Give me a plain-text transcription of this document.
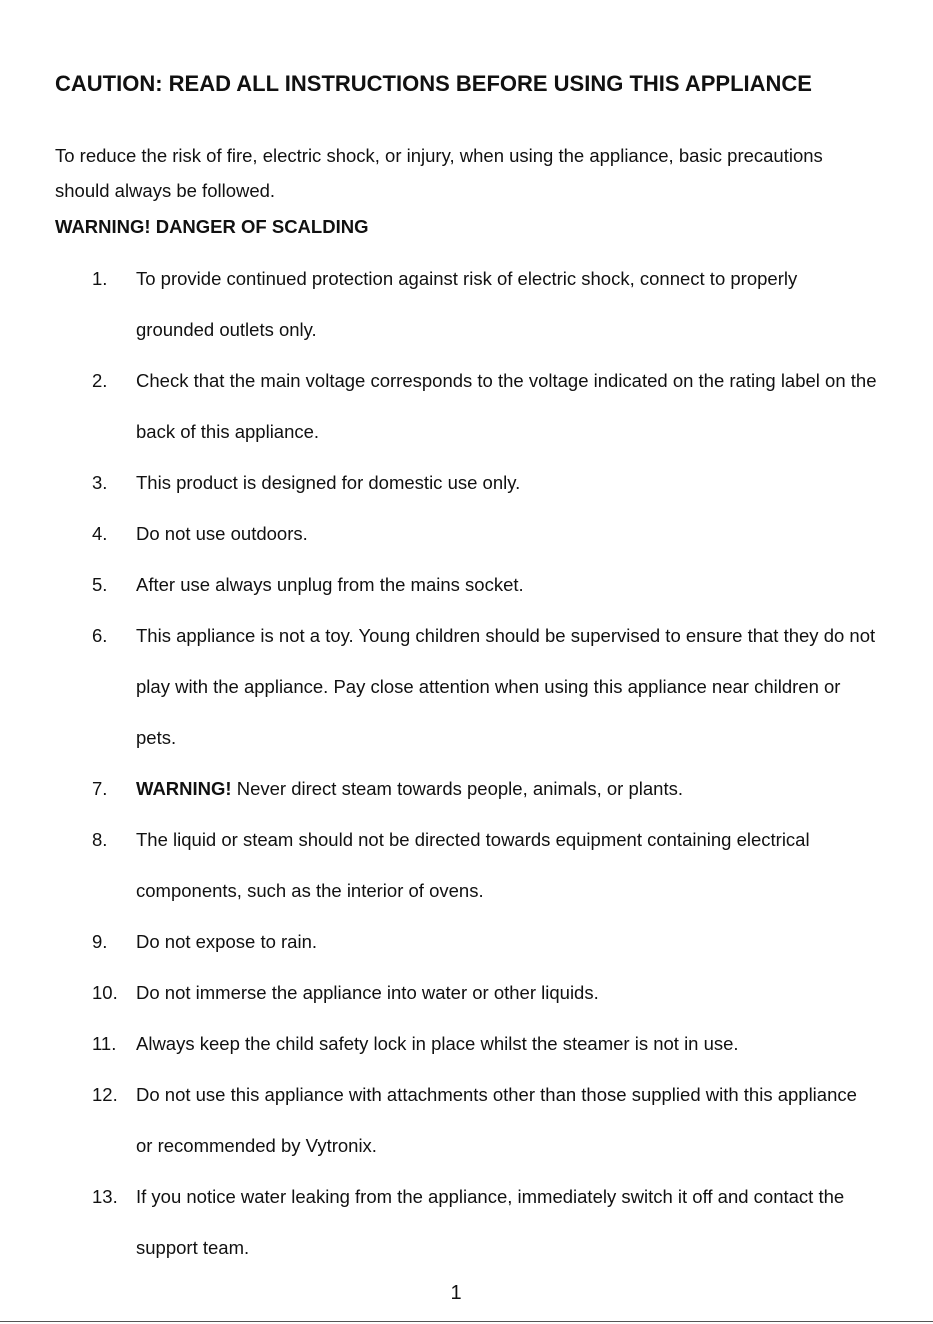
CAUTION: READ ALL INSTRUCTIONS BEFORE USING THIS APPLIANCE

To reduce the risk of fire, electric shock, or injury, when using the appliance, basic precautions should always be followed.

WARNING! DANGER OF SCALDING

1. To provide continued protection against risk of electric shock, connect to properly grounded outlets only.
2. Check that the main voltage corresponds to the voltage indicated on the rating label on the back of this appliance.
3. This product is designed for domestic use only.
4. Do not use outdoors.
5. After use always unplug from the mains socket.
6. This appliance is not a toy. Young children should be supervised to ensure that they do not play with the appliance. Pay close attention when using this appliance near children or pets.
7. WARNING! Never direct steam towards people, animals, or plants.
8. The liquid or steam should not be directed towards equipment containing electrical components, such as the interior of ovens.
9. Do not expose to rain.
10. Do not immerse the appliance into water or other liquids.
11. Always keep the child safety lock in place whilst the steamer is not in use.
12. Do not use this appliance with attachments other than those supplied with this appliance or recommended by Vytronix.
13. If you notice water leaking from the appliance, immediately switch it off and contact the support team.
1
